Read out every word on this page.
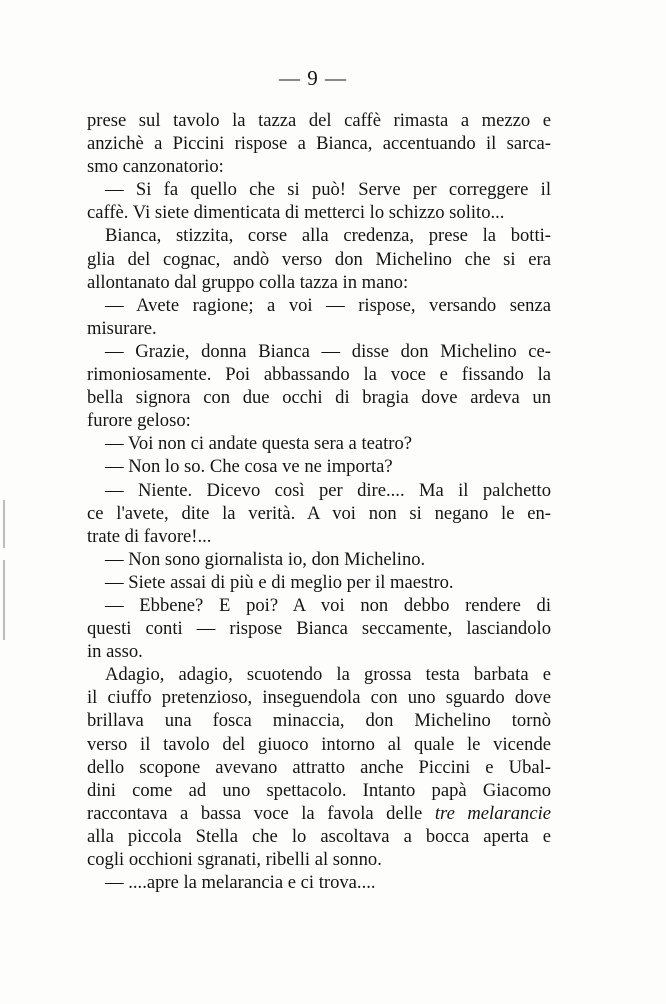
— 9 —
prese sul tavolo la tazza del caffè rimasta a mezzo e
anzichè a Piccini rispose a Bianca, accentuando il sarca-
smo canzonatorio:
— Si fa quello che si può! Serve per correggere il
caffè. Vi siete dimenticata di metterci lo schizzo solito...
Bianca, stizzita, corse alla credenza, prese la botti-
glia del cognac, andò verso don Michelino che si era
allontanato dal gruppo colla tazza in mano:
— Avete ragione; a voi — rispose, versando senza
misurare.
— Grazie, donna Bianca — disse don Michelino ce-
rimoniosamente. Poi abbassando la voce e fissando la
bella signora con due occhi di bragia dove ardeva un
furore geloso:
— Voi non ci andate questa sera a teatro?
— Non lo so. Che cosa ve ne importa?
— Niente. Dicevo così per dire.... Ma il palchetto
ce l'avete, dite la verità. A voi non si negano le en-
trate di favore!...
— Non sono giornalista io, don Michelino.
— Siete assai di più e di meglio per il maestro.
— Ebbene? E poi? A voi non debbo rendere di
questi conti — rispose Bianca seccamente, lasciandolo
in asso.
Adagio, adagio, scuotendo la grossa testa barbata e
il ciuffo pretenzioso, inseguendola con uno sguardo dove
brillava una fosca minaccia, don Michelino tornò
verso il tavolo del giuoco intorno al quale le vicende
dello scopone avevano attratto anche Piccini e Ubal-
dini come ad uno spettacolo. Intanto papà Giacomo
raccontava a bassa voce la favola delle tre melarancie
alla piccola Stella che lo ascoltava a bocca aperta e
cogli occhioni sgranati, ribelli al sonno.
— ....apre la melarancia e ci trova....
